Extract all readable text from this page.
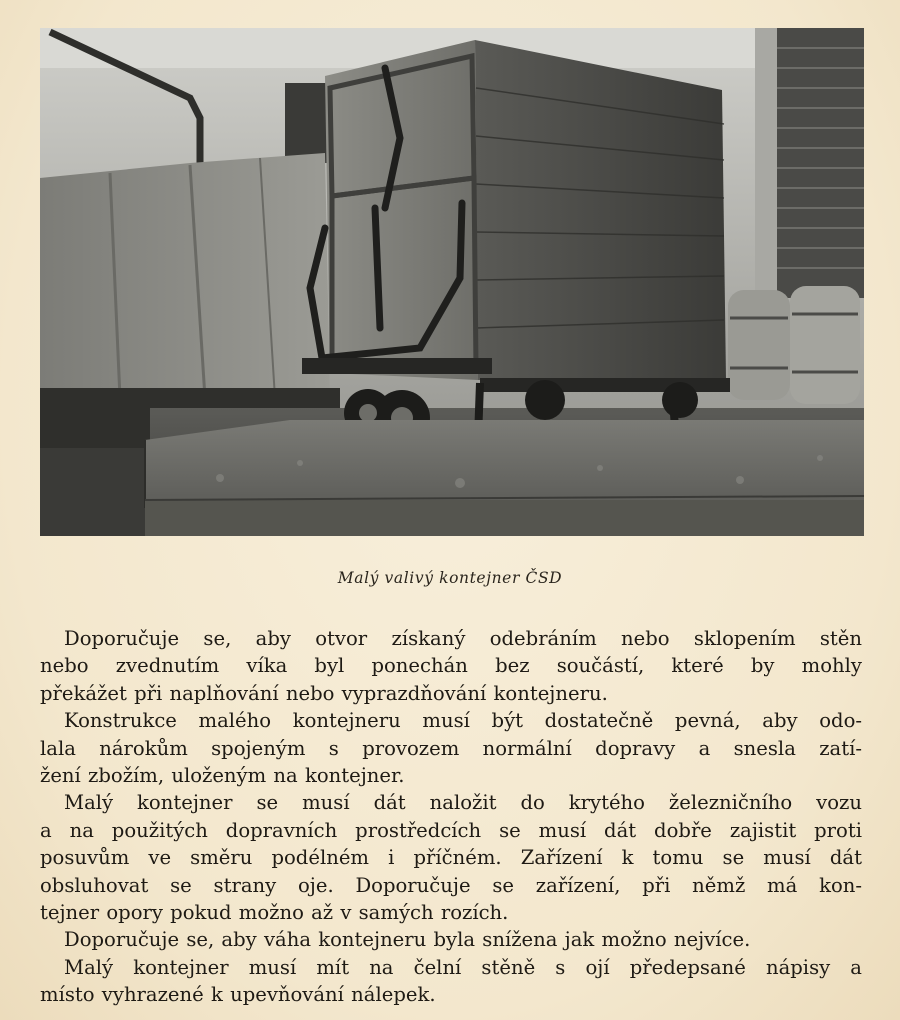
Malý valivý kontejner ČSD

Doporučuje se, aby otvor získaný odebráním nebo sklopením stěn
nebo zvednutím víka byl ponechán bez součástí, které by mohly
překážet při naplňování nebo vyprazdňování kontejneru.

Konstrukce malého kontejneru musí být dostatečně pevná, aby odo-
lala nárokům spojeným s provozem normální dopravy a snesla zatí-
žení zbožím, uloženým na kontejner.

Malý kontejner se musí dát naložit do krytého železničního vozu
a na použitých dopravních prostředcích se musí dát dobře zajistit proti
posuvům ve směru podélném i příčném. Zařízení k tomu se musí dát
obsluhovat se strany oje. Doporučuje se zařízení, při němž má kon-
tejner opory pokud možno až v samých rozích.

Doporučuje se, aby váha kontejneru byla snížena jak možno nejvíce.

Malý kontejner musí mít na čelní stěně s ojí předepsané nápisy a
místo vyhrazené k upevňování nálepek.
